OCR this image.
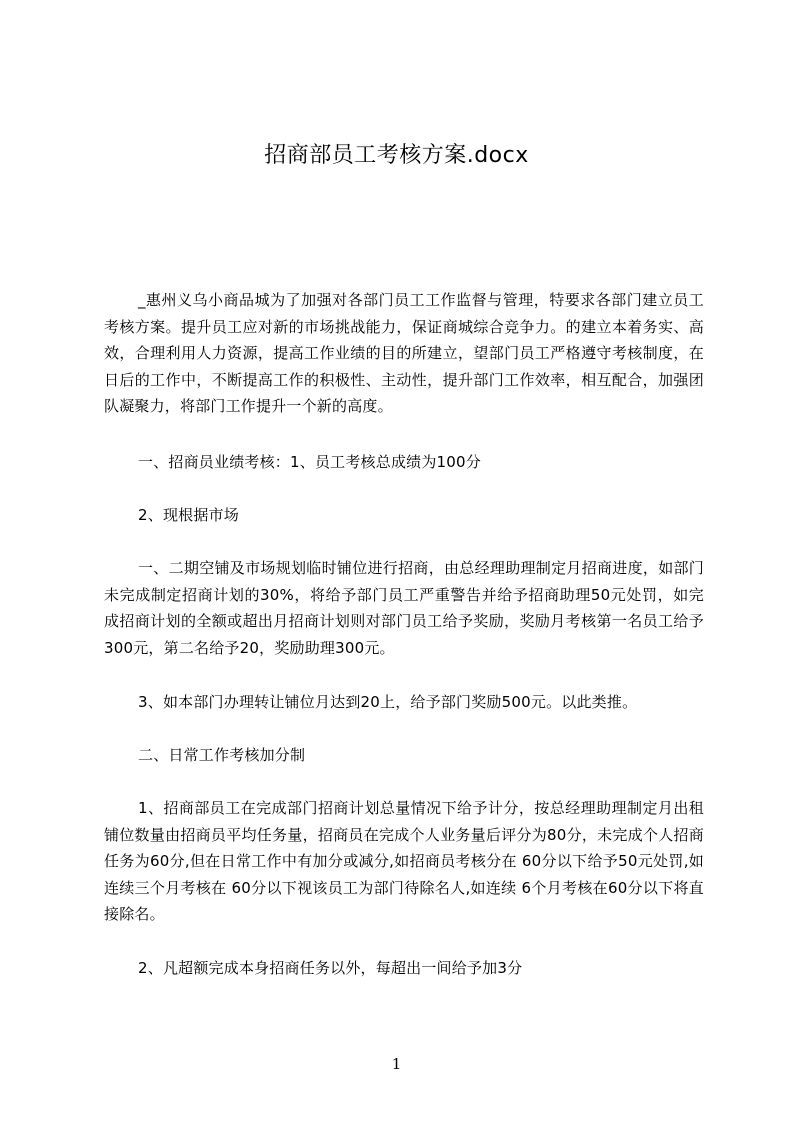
招商部员工考核方案.docx
_惠州义乌小商品城为了加强对各部门员工工作监督与管理，特要求各部门建立员工考核方案。提升员工应对新的市场挑战能力，保证商城综合竞争力。的建立本着务实、高效，合理利用人力资源，提高工作业绩的目的所建立，望部门员工严格遵守考核制度，在日后的工作中，不断提高工作的积极性、主动性，提升部门工作效率，相互配合，加强团队凝聚力，将部门工作提升一个新的高度。
一、招商员业绩考核：1、员工考核总成绩为100分
2、现根据市场
一、二期空铺及市场规划临时铺位进行招商，由总经理助理制定月招商进度，如部门未完成制定招商计划的30%，将给予部门员工严重警告并给予招商助理50元处罚，如完成招商计划的全额或超出月招商计划则对部门员工给予奖励，奖励月考核第一名员工给予300元，第二名给予20，奖励助理300元。
3、如本部门办理转让铺位月达到20上，给予部门奖励500元。以此类推。
二、日常工作考核加分制
1、招商部员工在完成部门招商计划总量情况下给予计分，按总经理助理制定月出租铺位数量由招商员平均任务量，招商员在完成个人业务量后评分为80分，未完成个人招商任务为60分,但在日常工作中有加分或减分,如招商员考核分在 60分以下给予50元处罚,如连续三个月考核在 60分以下视该员工为部门待除名人,如连续 6个月考核在60分以下将直接除名。
2、凡超额完成本身招商任务以外，每超出一间给予加3分
1
